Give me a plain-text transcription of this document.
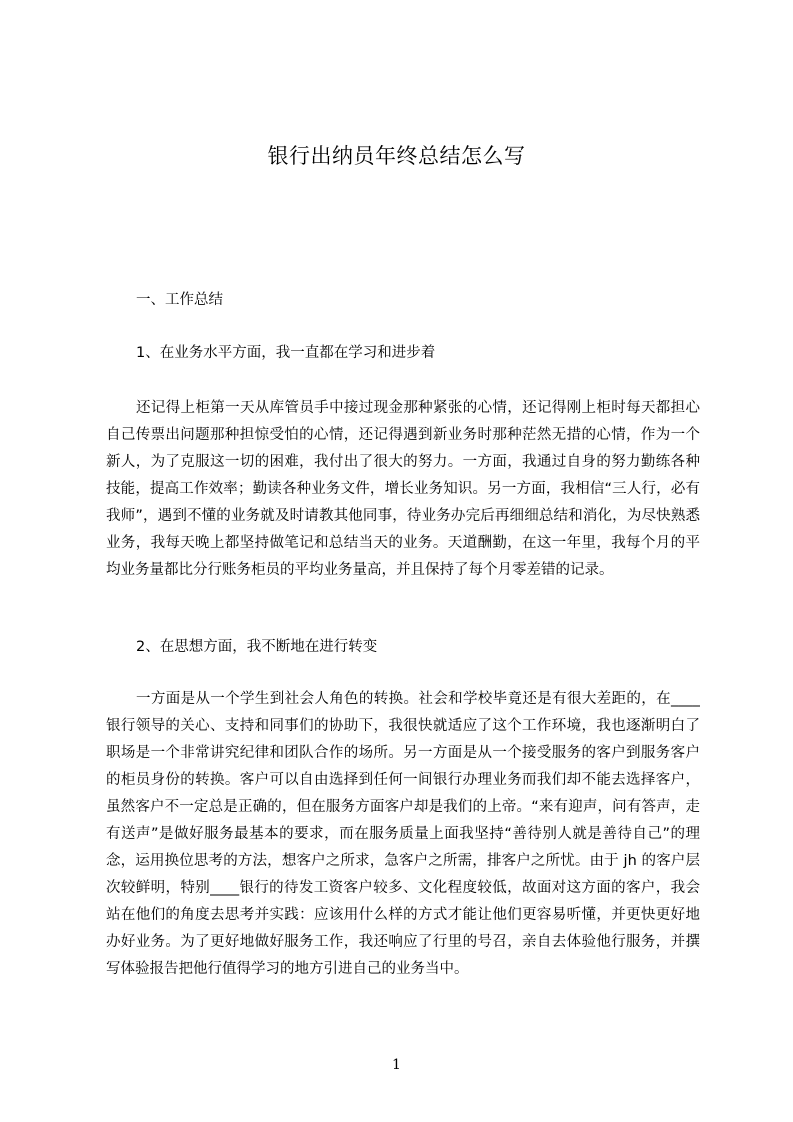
银行出纳员年终总结怎么写
一、工作总结
1、在业务水平方面，我一直都在学习和进步着
还记得上柜第一天从库管员手中接过现金那种紧张的心情，还记得刚上柜时每天都担心自己传票出问题那种担惊受怕的心情，还记得遇到新业务时那种茫然无措的心情，作为一个新人，为了克服这一切的困难，我付出了很大的努力。一方面，我通过自身的努力勤练各种技能，提高工作效率；勤读各种业务文件，增长业务知识。另一方面，我相信“三人行，必有我师”，遇到不懂的业务就及时请教其他同事，待业务办完后再细细总结和消化，为尽快熟悉业务，我每天晚上都坚持做笔记和总结当天的业务。天道酬勤，在这一年里，我每个月的平均业务量都比分行账务柜员的平均业务量高，并且保持了每个月零差错的记录。
2、在思想方面，我不断地在进行转变
一方面是从一个学生到社会人角色的转换。社会和学校毕竟还是有很大差距的，在____银行领导的关心、支持和同事们的协助下，我很快就适应了这个工作环境，我也逐渐明白了职场是一个非常讲究纪律和团队合作的场所。另一方面是从一个接受服务的客户到服务客户的柜员身份的转换。客户可以自由选择到任何一间银行办理业务而我们却不能去选择客户，虽然客户不一定总是正确的，但在服务方面客户却是我们的上帝。“来有迎声，问有答声，走有送声”是做好服务最基本的要求，而在服务质量上面我坚持“善待别人就是善待自己”的理念，运用换位思考的方法，想客户之所求，急客户之所需，排客户之所忧。由于 jh 的客户层次较鲜明，特别____银行的待发工资客户较多、文化程度较低，故面对这方面的客户，我会站在他们的角度去思考并实践：应该用什么样的方式才能让他们更容易听懂，并更快更好地办好业务。为了更好地做好服务工作，我还响应了行里的号召，亲自去体验他行服务，并撰写体验报告把他行值得学习的地方引进自己的业务当中。
1
